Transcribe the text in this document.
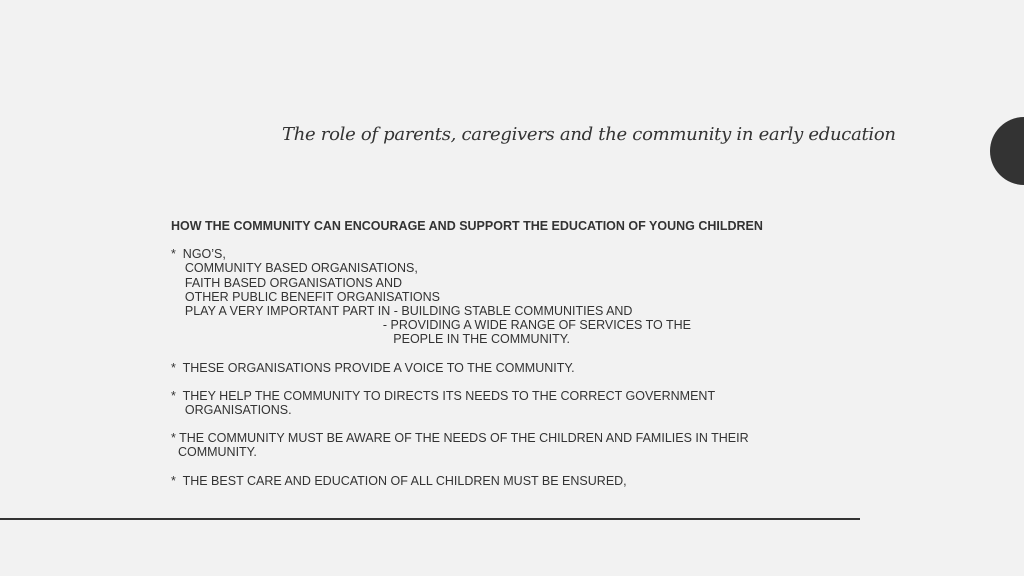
The role of parents, caregivers and the community in early education
HOW THE COMMUNITY CAN ENCOURAGE AND SUPPORT THE EDUCATION OF YOUNG CHILDREN
*  NGO’S,
COMMUNITY BASED ORGANISATIONS,
FAITH BASED ORGANISATIONS AND
OTHER PUBLIC BENEFIT ORGANISATIONS
PLAY A VERY IMPORTANT PART IN - BUILDING STABLE COMMUNITIES AND
- PROVIDING A WIDE RANGE OF SERVICES TO THE
PEOPLE IN THE COMMUNITY.
*  THESE ORGANISATIONS PROVIDE A VOICE TO THE COMMUNITY.
*  THEY HELP THE COMMUNITY TO DIRECTS ITS NEEDS TO THE CORRECT GOVERNMENT
ORGANISATIONS.
* THE COMMUNITY MUST BE AWARE OF THE NEEDS OF THE CHILDREN AND FAMILIES IN THEIR
COMMUNITY.
*  THE BEST CARE AND EDUCATION OF ALL CHILDREN MUST BE ENSURED,
